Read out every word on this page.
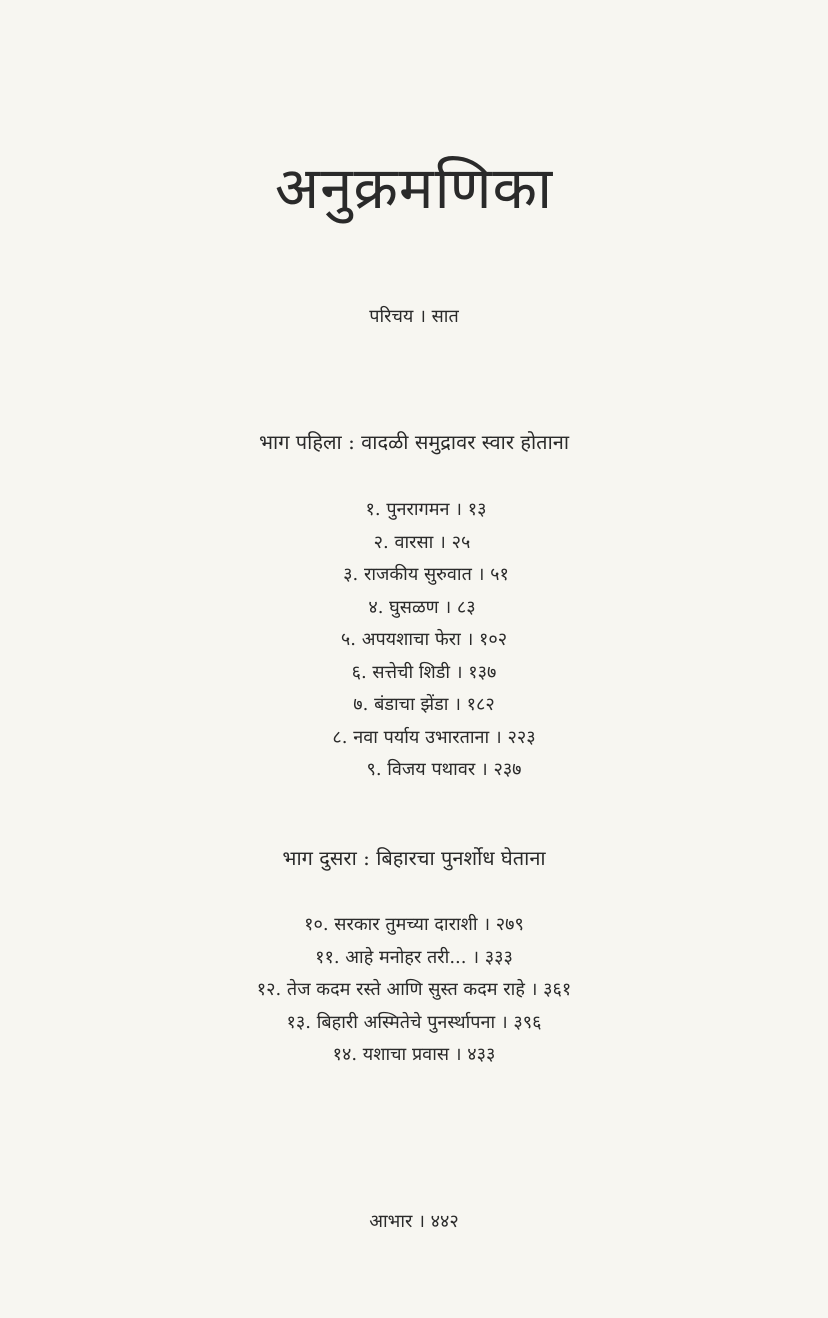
अनुक्रमणिका
परिचय । सात
भाग पहिला : वादळी समुद्रावर स्वार होताना
१. पुनरागमन । १३
२. वारसा । २५
३. राजकीय सुरुवात । ५१
४. घुसळण । ८३
५. अपयशाचा फेरा । १०२
६. सत्तेची शिडी । १३७
७. बंडाचा झेंडा । १८२
८. नवा पर्याय उभारताना । २२३
९. विजय पथावर । २३७
भाग दुसरा : बिहारचा पुनर्शोध घेताना
१०. सरकार तुमच्या दाराशी । २७९
११. आहे मनोहर तरी... । ३३३
१२. तेज कदम रस्ते आणि सुस्त कदम राहे । ३६१
१३. बिहारी अस्मितेचे पुनर्स्थापना । ३९६
१४. यशाचा प्रवास । ४३३
आभार । ४४२
